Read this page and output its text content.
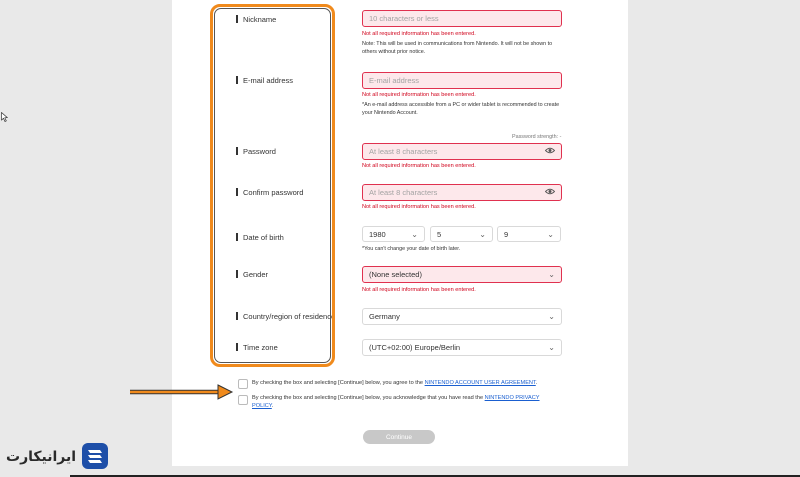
Nickname	10 characters or less
Not all required information has been entered.
Note: This will be used in communications from Nintendo. It will not be shown to others without prior notice.
E-mail address	E-mail address
Not all required information has been entered.
*An e-mail address accessible from a PC or wider tablet is recommended to create your Nintendo Account.
Password strength: -
Password	At least 8 characters
Not all required information has been entered.
Confirm password	At least 8 characters
Not all required information has been entered.
Date of birth	1980	⌄	5	⌄ 9	⌄
*You can't change your date of birth later.
Gender	(None selected)	⌄
Not all required information has been entered.
Country/region of residence	Germany	⌄
Time zone	(UTC+02:00) Europe/Berlin	⌄
By checking the box and selecting [Continue] below, you agree to the NINTENDO ACCOUNT USER AGREEMENT.
By checking the box and selecting [Continue] below, you acknowledge that you have read the NINTENDO PRIVACY POLICY.
Continue
ایرانیکارت
